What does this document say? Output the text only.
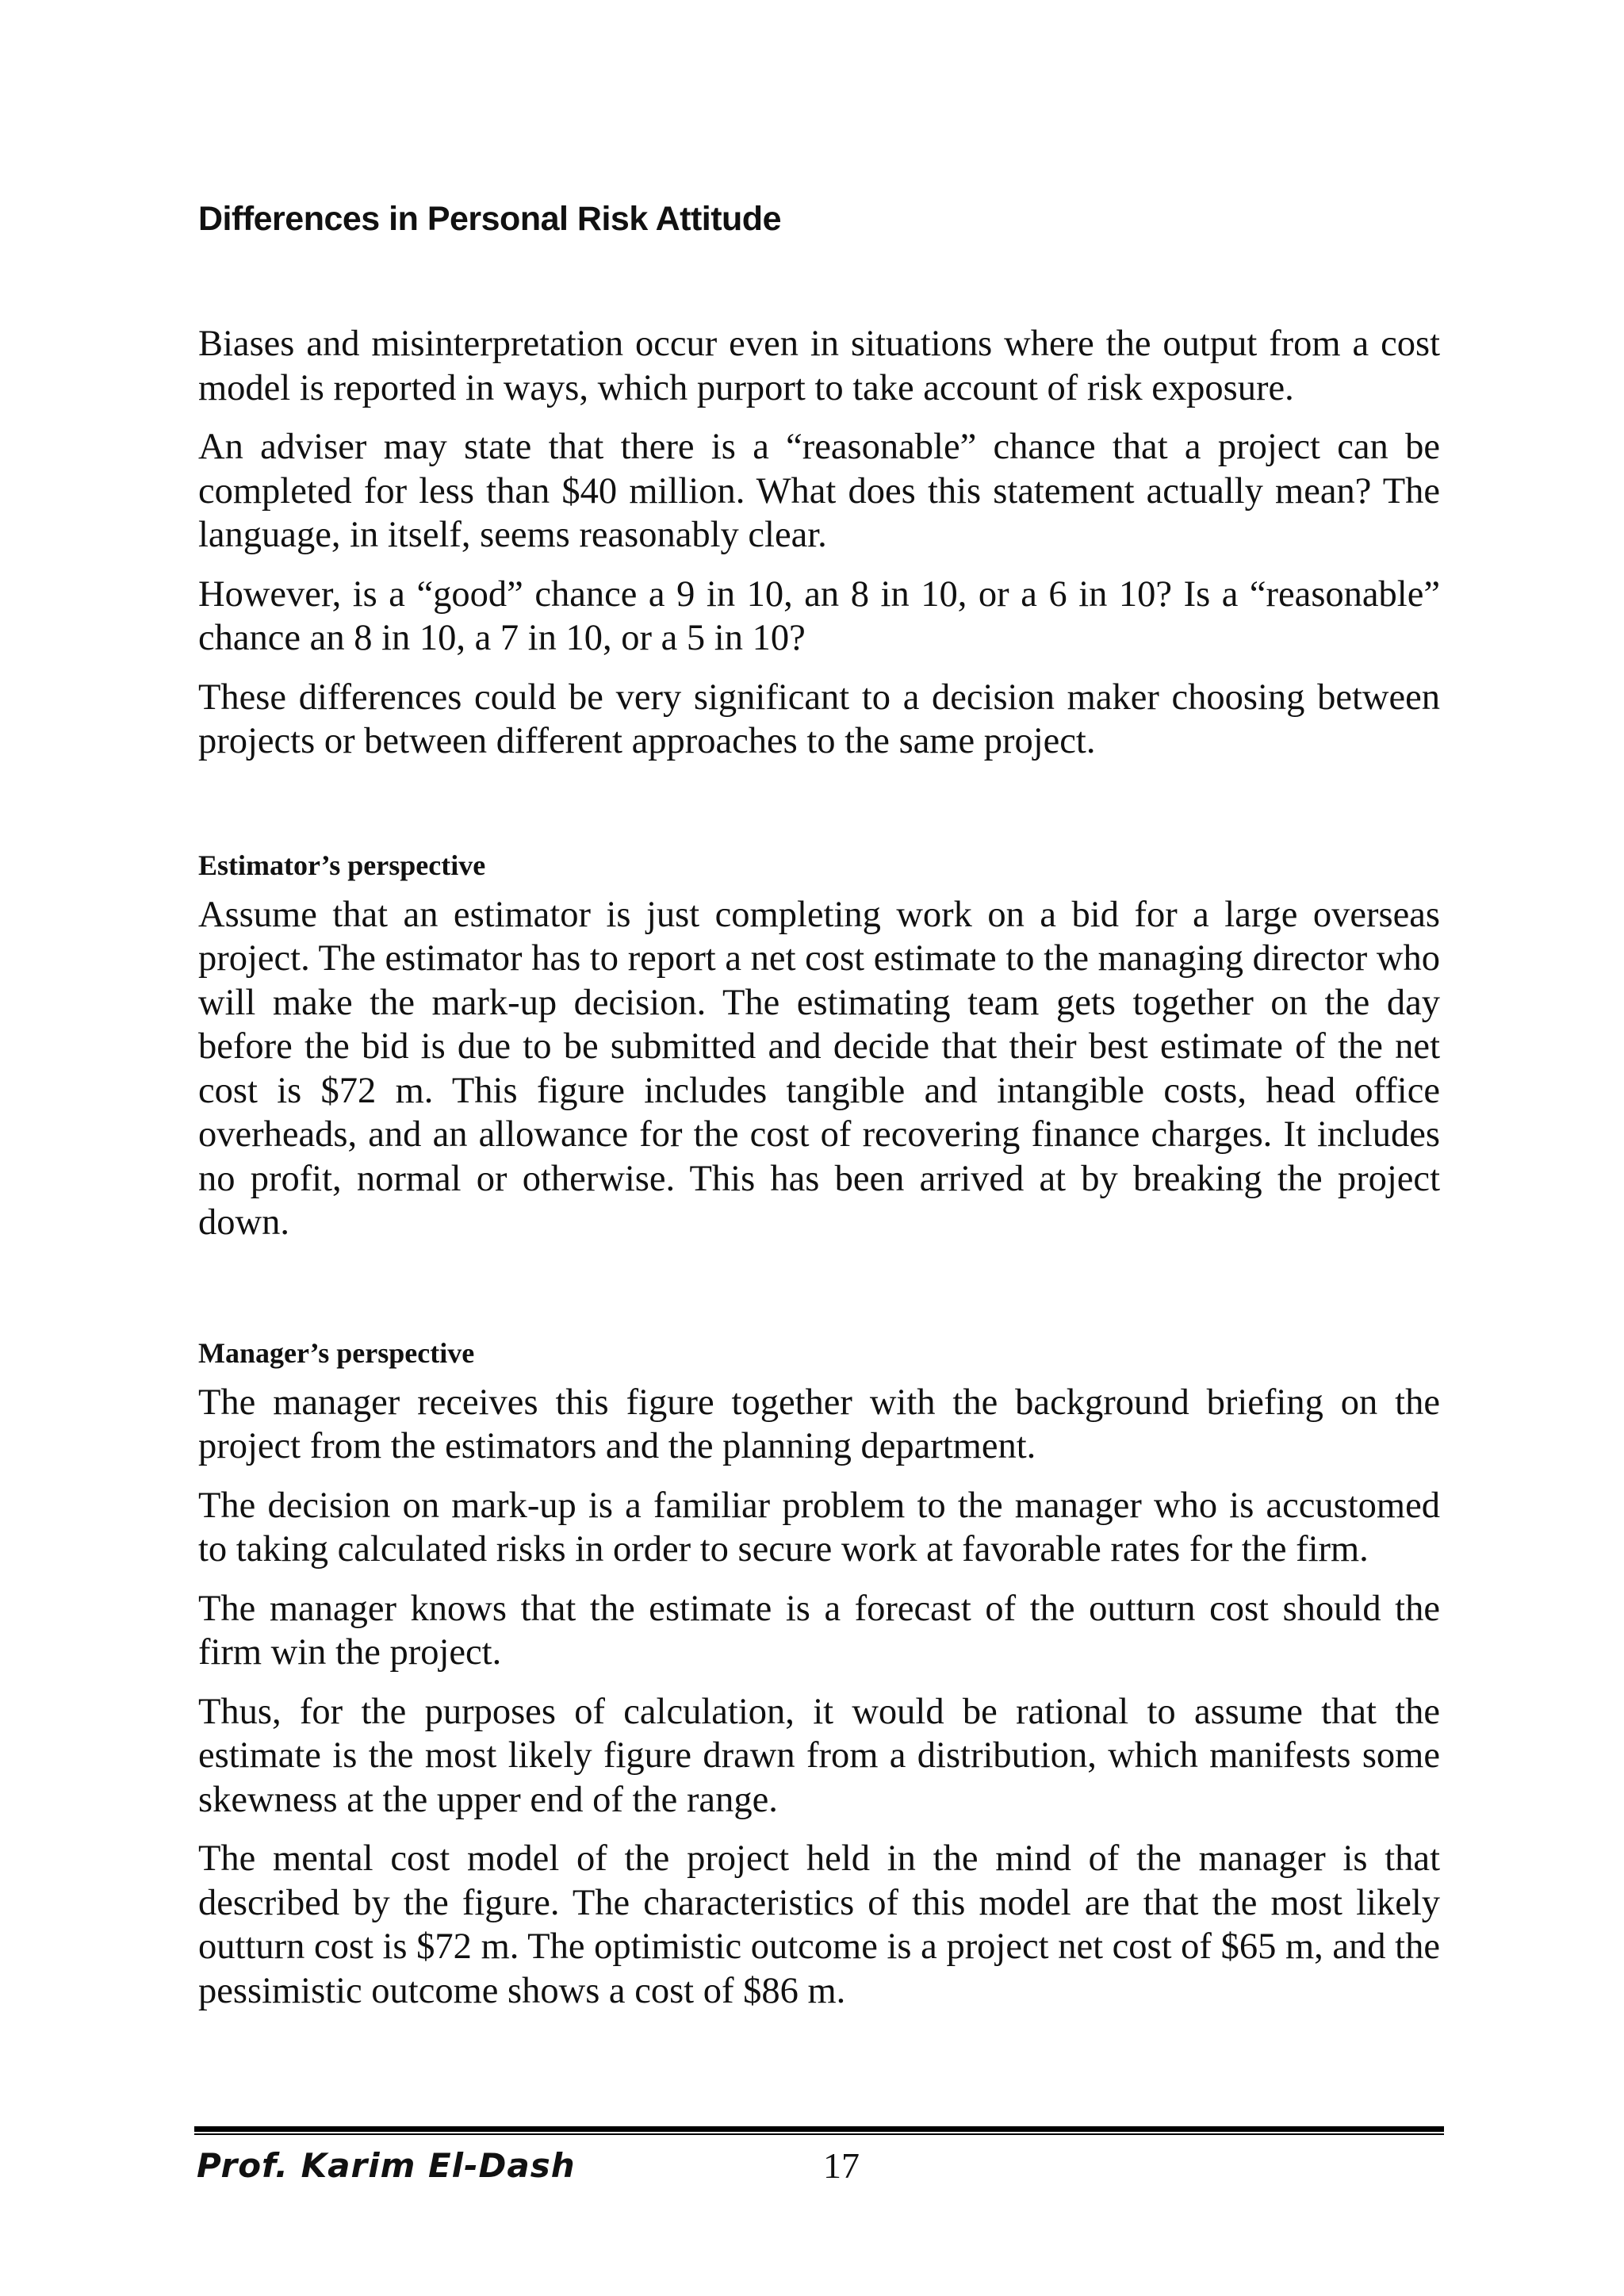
Differences in Personal Risk Attitude

Biases and misinterpretation occur even in situations where the output from a cost model is reported in ways, which purport to take account of risk exposure.

An adviser may state that there is a “reasonable” chance that a project can be completed for less than $40 million. What does this statement actually mean? The language, in itself, seems reasonably clear.

However, is a “good” chance a 9 in 10, an 8 in 10, or a 6 in 10? Is a “reasonable” chance an 8 in 10, a 7 in 10, or a 5 in 10?

These differences could be very significant to a decision maker choosing between projects or between different approaches to the same project.

Estimator’s perspective

Assume that an estimator is just completing work on a bid for a large overseas project. The estimator has to report a net cost estimate to the managing director who will make the mark-up decision. The estimating team gets together on the day before the bid is due to be submitted and decide that their best estimate of the net cost is $72 m. This figure includes tangible and intangible costs, head office overheads, and an allowance for the cost of recovering finance charges. It includes no profit, normal or otherwise. This has been arrived at by breaking the project down.

Manager’s perspective

The manager receives this figure together with the background briefing on the project from the estimators and the planning department.

The decision on mark-up is a familiar problem to the manager who is accustomed to taking calculated risks in order to secure work at favorable rates for the firm.

The manager knows that the estimate is a forecast of the outturn cost should the firm win the project.

Thus, for the purposes of calculation, it would be rational to assume that the estimate is the most likely figure drawn from a distribution, which manifests some skewness at the upper end of the range.

The mental cost model of the project held in the mind of the manager is that described by the figure. The characteristics of this model are that the most likely outturn cost is $72 m. The optimistic outcome is a project net cost of $65 m, and the pessimistic outcome shows a cost of $86 m.

Prof. Karim El-Dash	17
